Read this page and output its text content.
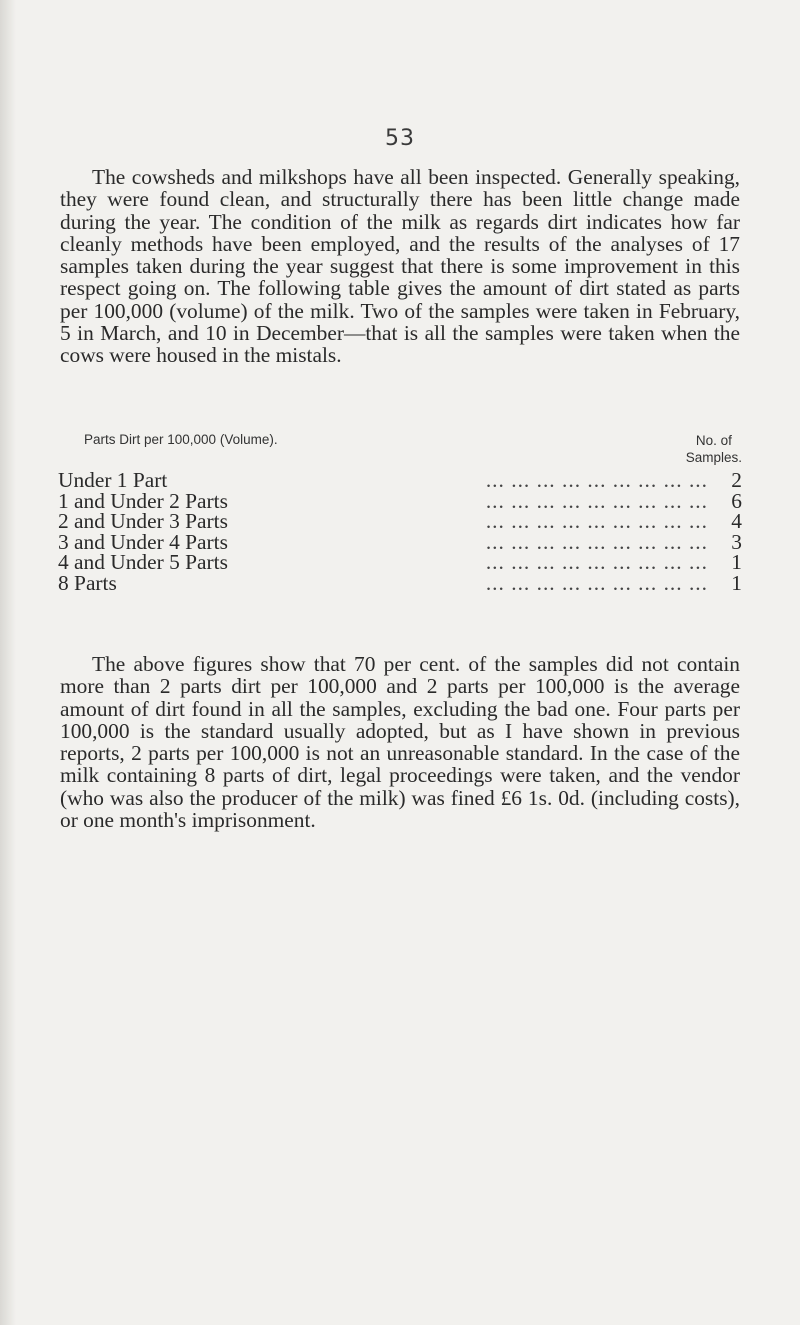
53

The cowsheds and milkshops have all been inspected. Generally speaking, they were found clean, and structurally there has been little change made during the year. The condition of the milk as regards dirt indicates how far cleanly methods have been employed, and the results of the analyses of 17 samples taken during the year suggest that there is some improvement in this respect going on. The following table gives the amount of dirt stated as parts per 100,000 (volume) of the milk. Two of the samples were taken in February, 5 in March, and 10 in December—that is all the samples were taken when the cows were housed in the mistals.

Parts Dirt per 100,000 (Volume).	No. of
Samples.
Under 1 Part	... ... ... ... ... ... ... ... ...	2
1 and Under 2 Parts	... ... ... ... ... ... ... ... ...	6
2 and Under 3 Parts	... ... ... ... ... ... ... ... ...	4
3 and Under 4 Parts	... ... ... ... ... ... ... ... ...	3
4 and Under 5 Parts	... ... ... ... ... ... ... ... ...	1
8 Parts	... ... ... ... ... ... ... ... ...	1

The above figures show that 70 per cent. of the samples did not contain more than 2 parts dirt per 100,000 and 2 parts per 100,000 is the average amount of dirt found in all the samples, excluding the bad one. Four parts per 100,000 is the standard usually adopted, but as I have shown in previous reports, 2 parts per 100,000 is not an unreasonable standard. In the case of the milk containing 8 parts of dirt, legal proceedings were taken, and the vendor (who was also the producer of the milk) was fined £6 1s. 0d. (including costs), or one month's imprisonment.
